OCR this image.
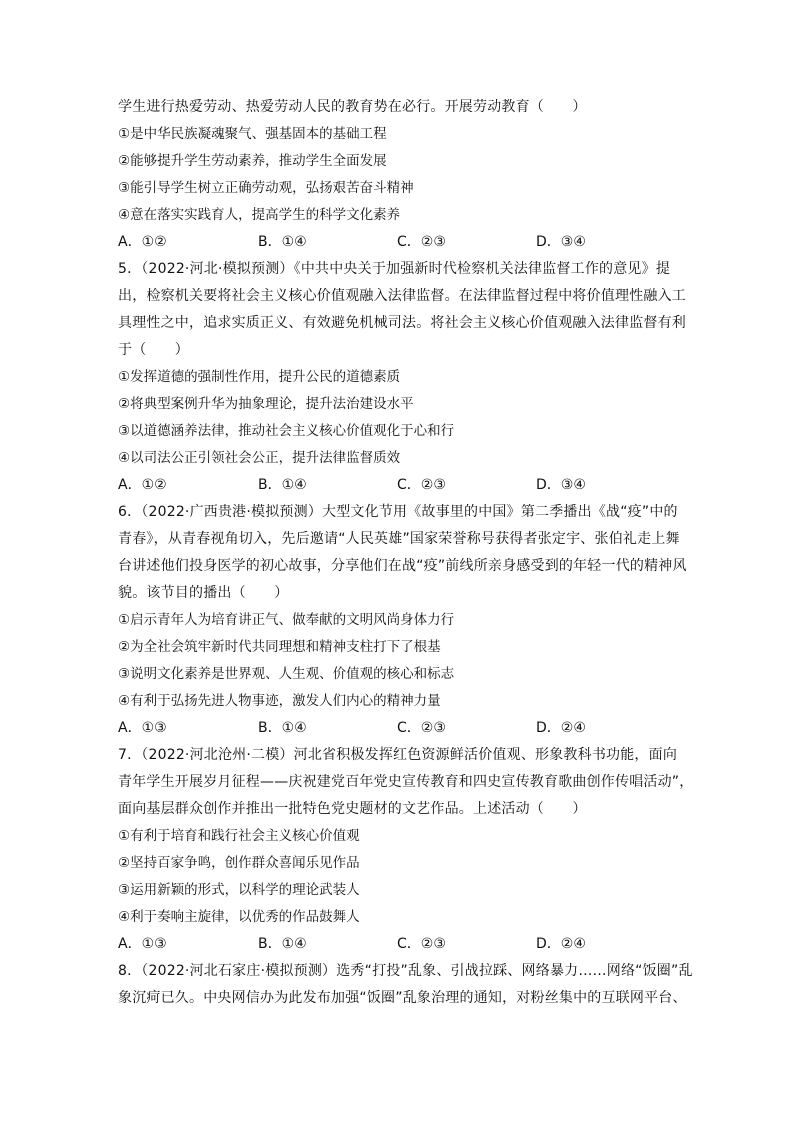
学生进行热爱劳动、热爱劳动人民的教育势在必行。开展劳动教育（　　）
①是中华民族凝魂聚气、强基固本的基础工程
②能够提升学生劳动素养，推动学生全面发展
③能引导学生树立正确劳动观，弘扬艰苦奋斗精神
④意在落实实践育人，提高学生的科学文化素养
A．①②	B．①④	C．②③	D．③④
5．（2022·河北·模拟预测）《中共中央关于加强新时代检察机关法律监督工作的意见》提
出，检察机关要将社会主义核心价值观融入法律监督。在法律监督过程中将价值理性融入工
具理性之中，追求实质正义、有效避免机械司法。将社会主义核心价值观融入法律监督有利
于（　　）
①发挥道德的强制性作用，提升公民的道德素质
②将典型案例升华为抽象理论，提升法治建设水平
③以道德涵养法律，推动社会主义核心价值观化于心和行
④以司法公正引领社会公正，提升法律监督质效
A．①②	B．①④	C．②③	D．③④
6．（2022·广西贵港·模拟预测）大型文化节用《故事里的中国》第二季播出《战“疫”中的
青春》，从青春视角切入，先后邀请“人民英雄”国家荣誉称号获得者张定宇、张伯礼走上舞
台讲述他们投身医学的初心故事，分享他们在战“疫”前线所亲身感受到的年轻一代的精神风
貌。该节目的播出（　　）
①启示青年人为培育讲正气、做奉献的文明风尚身体力行
②为全社会筑牢新时代共同理想和精神支柱打下了根基
③说明文化素养是世界观、人生观、价值观的核心和标志
④有利于弘扬先进人物事迹，激发人们内心的精神力量
A．①③	B．①④	C．②③	D．②④
7．（2022·河北沧州·二模）河北省积极发挥红色资源鲜活价值观、形象教科书功能，面向
青年学生开展岁月征程——庆祝建党百年党史宣传教育和四史宣传教育歌曲创作传唱活动”，
面向基层群众创作并推出一批特色党史题材的文艺作品。上述活动（　　）
①有利于培育和践行社会主义核心价值观
②坚持百家争鸣，创作群众喜闻乐见作品
③运用新颖的形式，以科学的理论武装人
④利于奏响主旋律，以优秀的作品鼓舞人
A．①③	B．①④	C．②③	D．②④
8．（2022·河北石家庄·模拟预测）选秀“打投”乱象、引战拉踩、网络暴力……网络“饭圈”乱
象沉疴已久。中央网信办为此发布加强“饭圈”乱象治理的通知，对粉丝集中的互联网平台、
